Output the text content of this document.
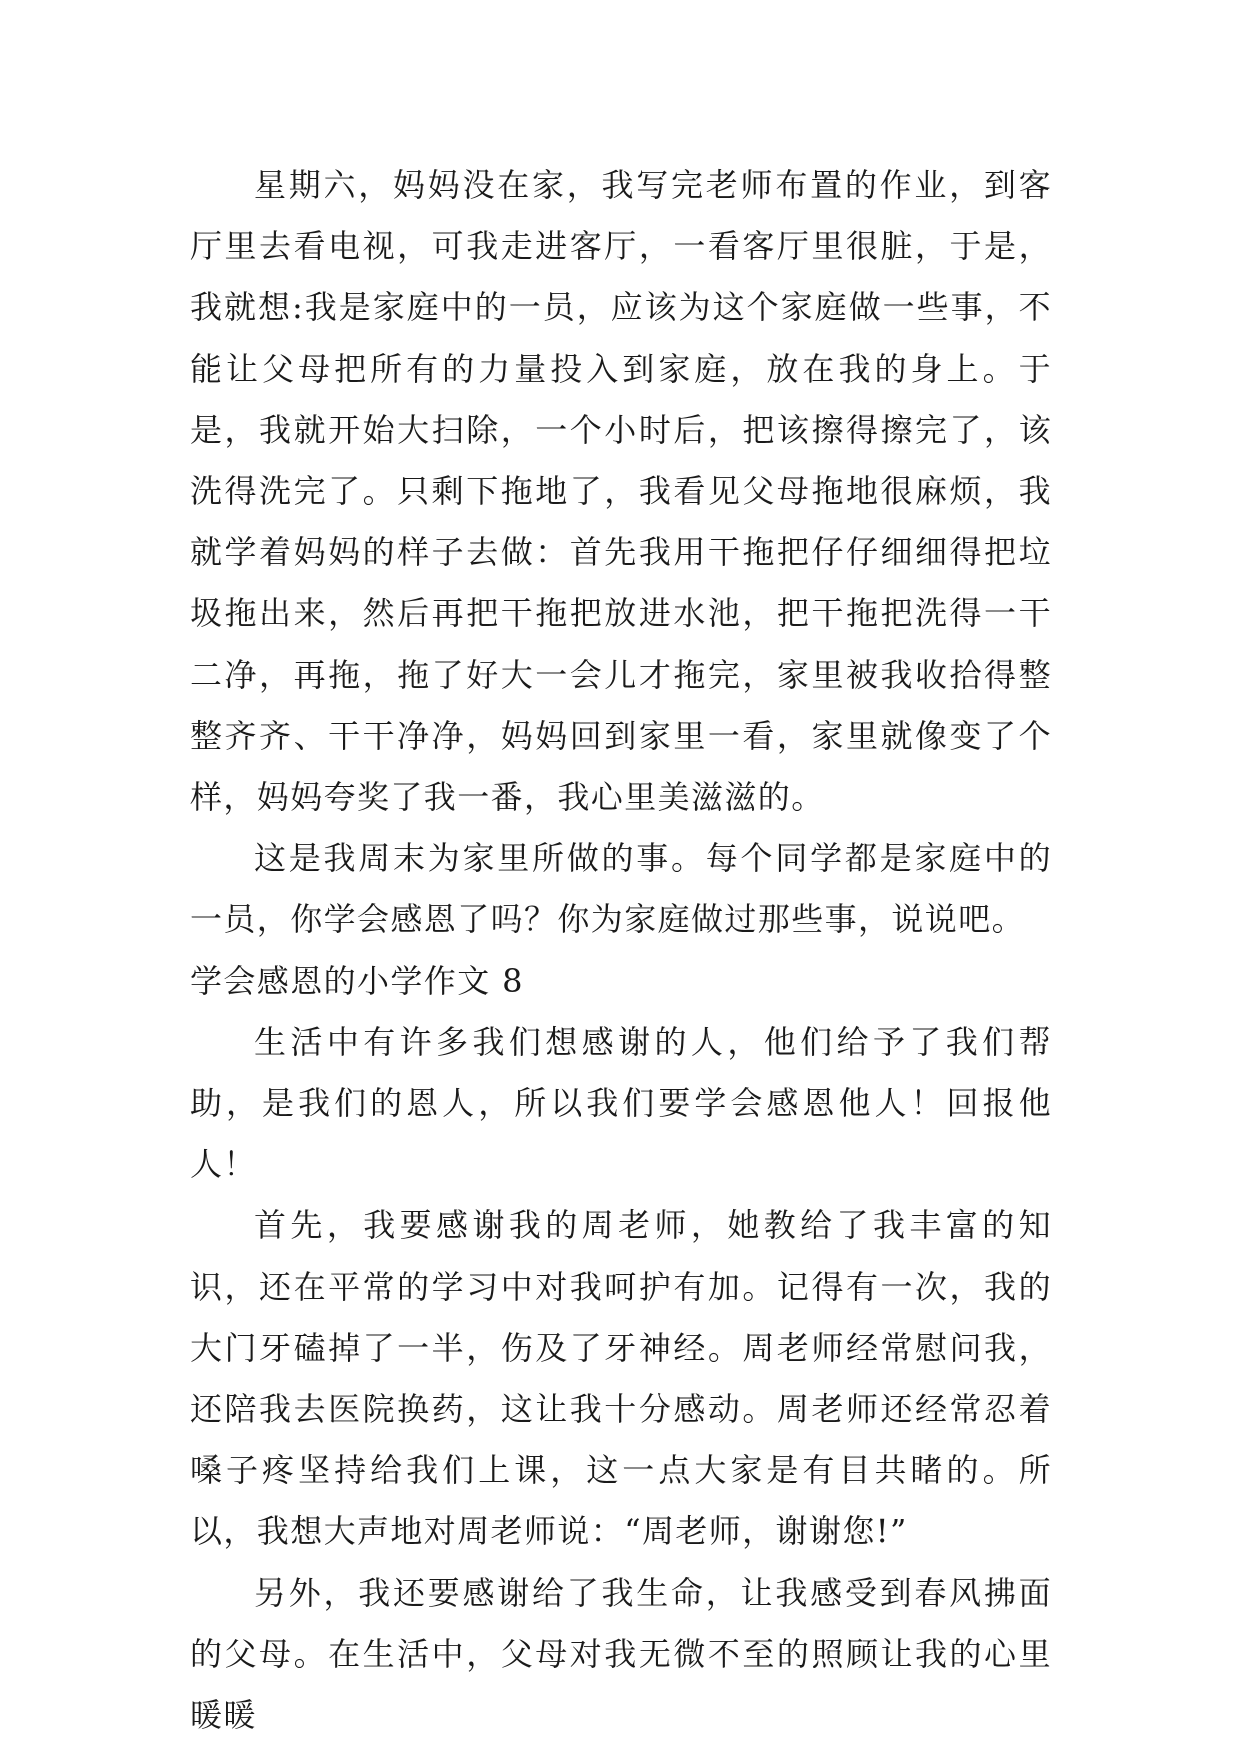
星期六，妈妈没在家，我写完老师布置的作业，到客厅里去看电视，可我走进客厅，一看客厅里很脏，于是，我就想:我是家庭中的一员，应该为这个家庭做一些事，不能让父母把所有的力量投入到家庭，放在我的身上。于是，我就开始大扫除，一个小时后，把该擦得擦完了，该洗得洗完了。只剩下拖地了，我看见父母拖地很麻烦，我就学着妈妈的样子去做：首先我用干拖把仔仔细细得把垃圾拖出来，然后再把干拖把放进水池，把干拖把洗得一干二净，再拖，拖了好大一会儿才拖完，家里被我收拾得整整齐齐、干干净净，妈妈回到家里一看，家里就像变了个样，妈妈夸奖了我一番，我心里美滋滋的。

这是我周末为家里所做的事。每个同学都是家庭中的一员，你学会感恩了吗？你为家庭做过那些事，说说吧。

学会感恩的小学作文 8

生活中有许多我们想感谢的人，他们给予了我们帮助，是我们的恩人，所以我们要学会感恩他人！回报他人！

首先，我要感谢我的周老师，她教给了我丰富的知识，还在平常的学习中对我呵护有加。记得有一次，我的大门牙磕掉了一半，伤及了牙神经。周老师经常慰问我，还陪我去医院换药，这让我十分感动。周老师还经常忍着嗓子疼坚持给我们上课，这一点大家是有目共睹的。所以，我想大声地对周老师说：“周老师，谢谢您!”

另外，我还要感谢给了我生命，让我感受到春风拂面的父母。在生活中，父母对我无微不至的照顾让我的心里暖暖
